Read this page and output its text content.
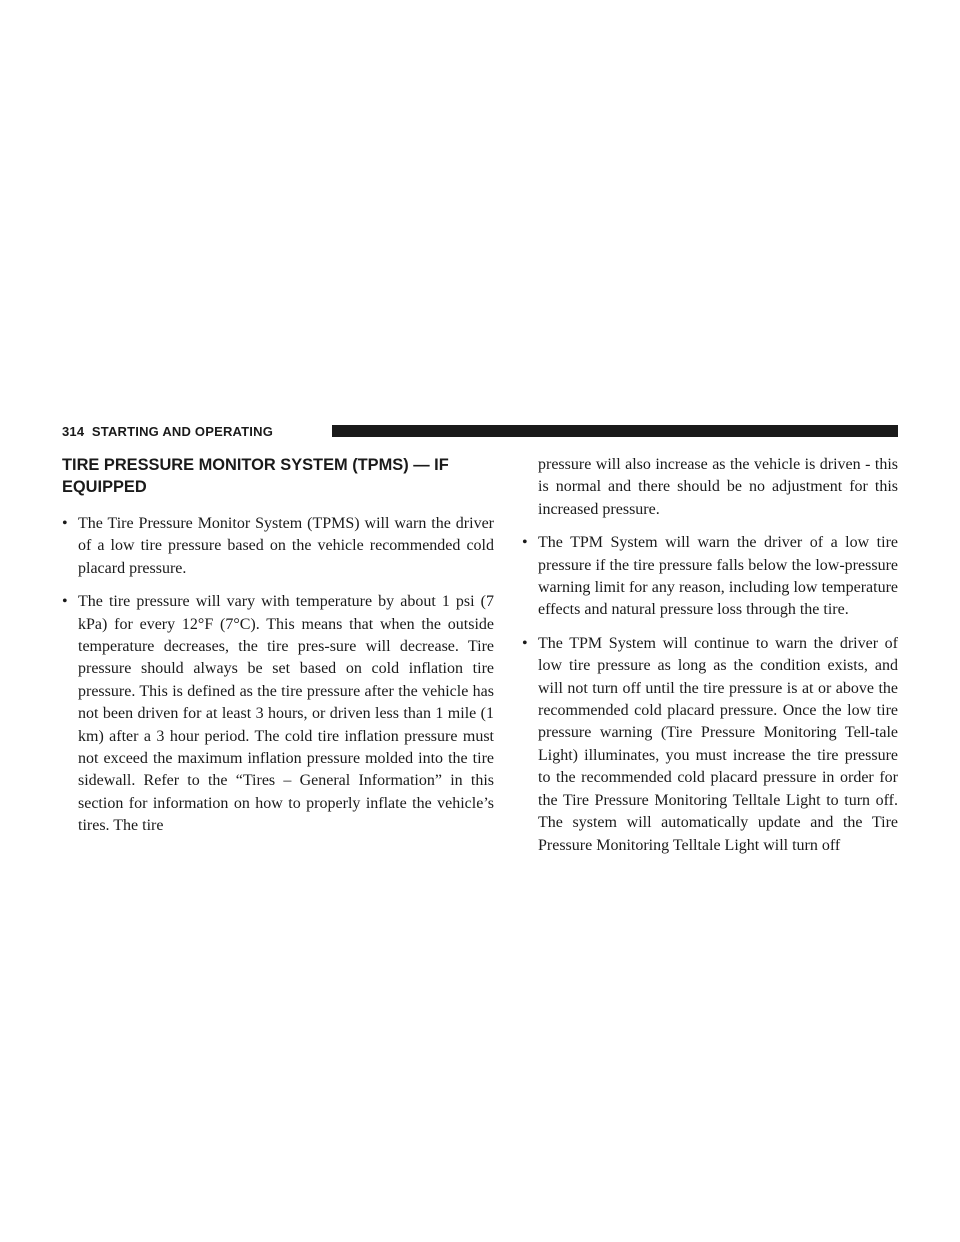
314 STARTING AND OPERATING
TIRE PRESSURE MONITOR SYSTEM (TPMS) — IF EQUIPPED
• The Tire Pressure Monitor System (TPMS) will warn the driver of a low tire pressure based on the vehicle recommended cold placard pressure.
• The tire pressure will vary with temperature by about 1 psi (7 kPa) for every 12°F (7°C). This means that when the outside temperature decreases, the tire pres-sure will decrease. Tire pressure should always be set based on cold inflation tire pressure. This is defined as the tire pressure after the vehicle has not been driven for at least 3 hours, or driven less than 1 mile (1 km) after a 3 hour period. The cold tire inflation pressure must not exceed the maximum inflation pressure molded into the tire sidewall. Refer to the “Tires – General Information” in this section for information on how to properly inflate the vehicle’s tires. The tire

pressure will also increase as the vehicle is driven - this is normal and there should be no adjustment for this increased pressure.

• The TPM System will warn the driver of a low tire pressure if the tire pressure falls below the low-pressure warning limit for any reason, including low temperature effects and natural pressure loss through the tire.
• The TPM System will continue to warn the driver of low tire pressure as long as the condition exists, and will not turn off until the tire pressure is at or above the recommended cold placard pressure. Once the low tire pressure warning (Tire Pressure Monitoring Tell-tale Light) illuminates, you must increase the tire pressure to the recommended cold placard pressure in order for the Tire Pressure Monitoring Telltale Light to turn off. The system will automatically update and the Tire Pressure Monitoring Telltale Light will turn off
